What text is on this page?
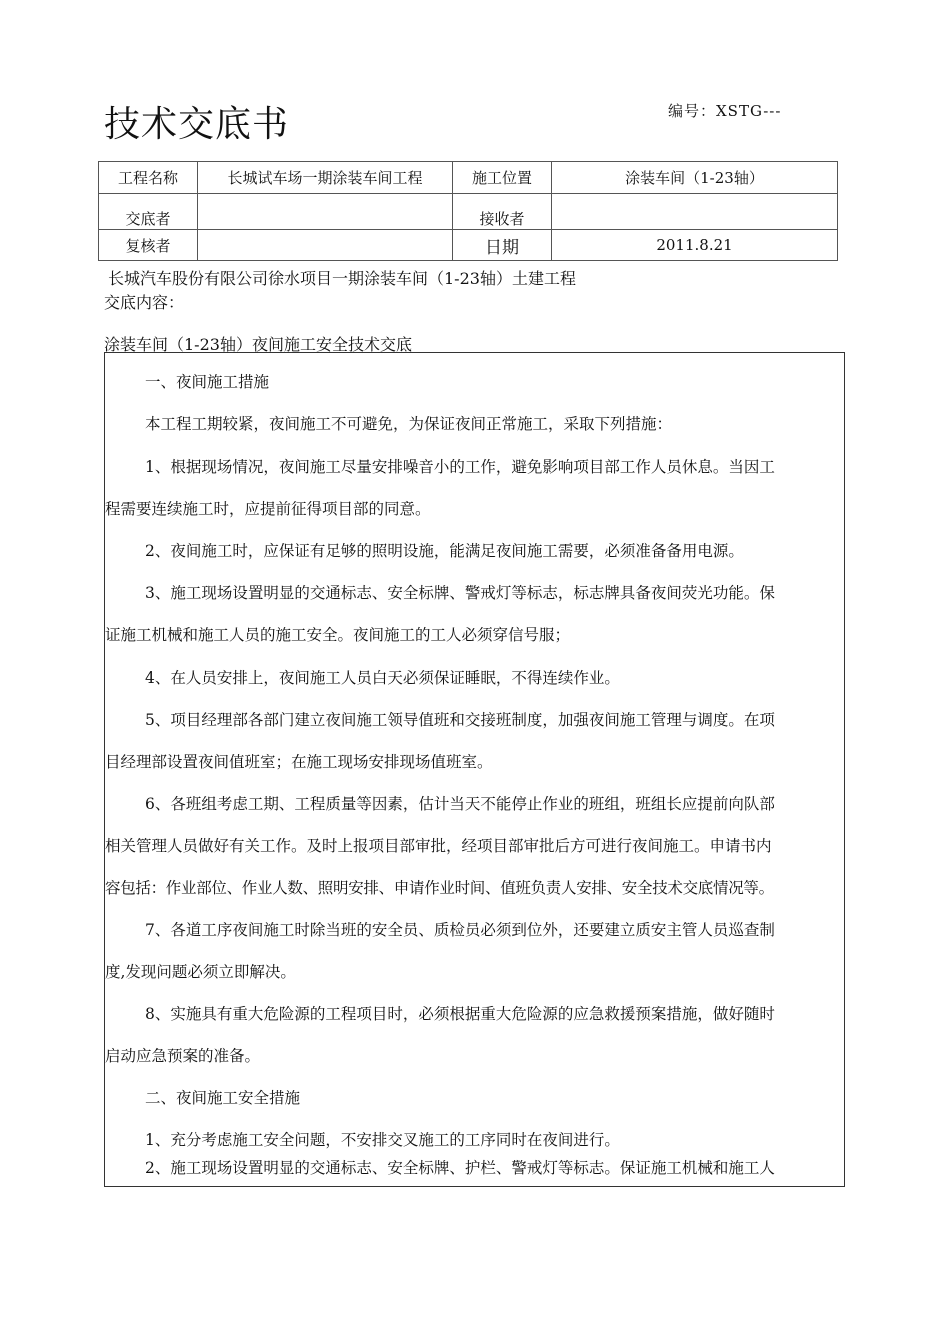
技术交底书	编号：XSTG---
工程名称	长城试车场一期涂装车间工程	施工位置	涂装车间（1-23轴）
交底者		接收者	
复核者		日期	2011.8.21
长城汽车股份有限公司徐水项目一期涂装车间（1-23轴）土建工程
交底内容：
涂装车间（1-23轴）夜间施工安全技术交底
一、夜间施工措施
本工程工期较紧，夜间施工不可避免，为保证夜间正常施工，采取下列措施：
1、根据现场情况，夜间施工尽量安排噪音小的工作，避免影响项目部工作人员休息。当因工
程需要连续施工时，应提前征得项目部的同意。
2、夜间施工时，应保证有足够的照明设施，能满足夜间施工需要，必须准备备用电源。
3、施工现场设置明显的交通标志、安全标牌、警戒灯等标志，标志牌具备夜间荧光功能。保
证施工机械和施工人员的施工安全。夜间施工的工人必须穿信号服；
4、在人员安排上，夜间施工人员白天必须保证睡眠，不得连续作业。
5、项目经理部各部门建立夜间施工领导值班和交接班制度，加强夜间施工管理与调度。在项
目经理部设置夜间值班室；在施工现场安排现场值班室。
6、各班组考虑工期、工程质量等因素，估计当天不能停止作业的班组，班组长应提前向队部
相关管理人员做好有关工作。及时上报项目部审批，经项目部审批后方可进行夜间施工。申请书内
容包括：作业部位、作业人数、照明安排、申请作业时间、值班负责人安排、安全技术交底情况等。
7、各道工序夜间施工时除当班的安全员、质检员必须到位外，还要建立质安主管人员巡查制
度,发现问题必须立即解决。
8、实施具有重大危险源的工程项目时，必须根据重大危险源的应急救援预案措施，做好随时
启动应急预案的准备。
二、夜间施工安全措施
1、充分考虑施工安全问题，不安排交叉施工的工序同时在夜间进行。
2、施工现场设置明显的交通标志、安全标牌、护栏、警戒灯等标志。保证施工机械和施工人
